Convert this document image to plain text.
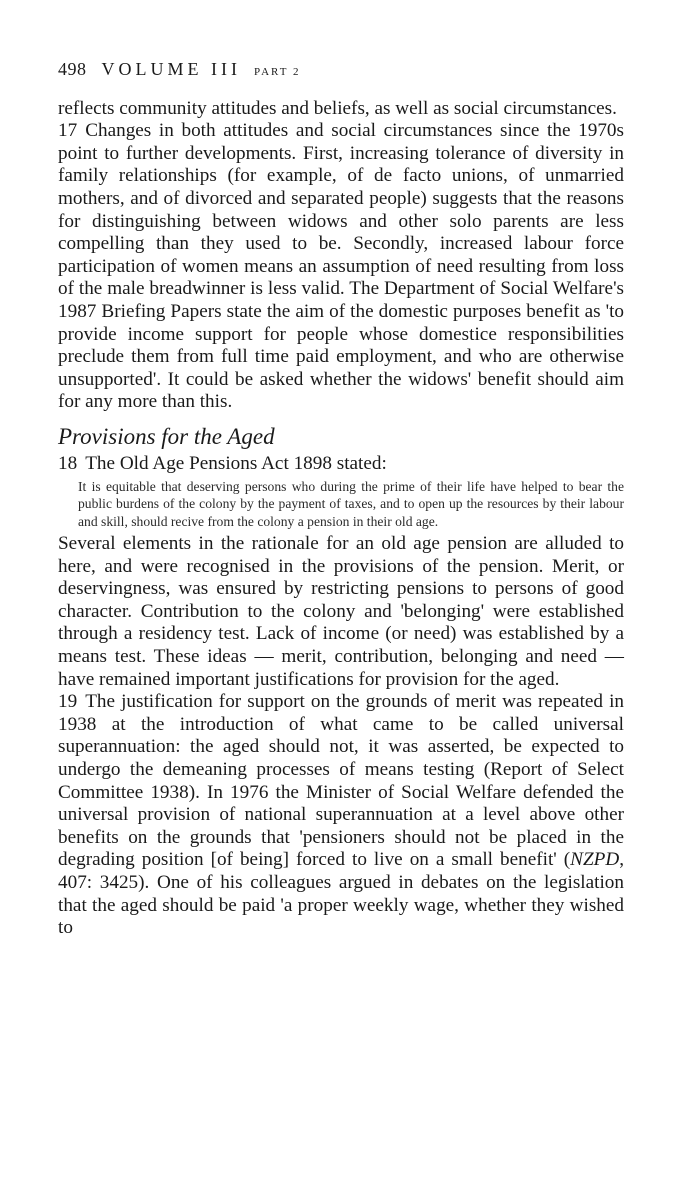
498 VOLUME III PART 2

reflects community attitudes and beliefs, as well as social circumstances.

17 Changes in both attitudes and social circumstances since the 1970s point to further developments. First, increasing tolerance of diversity in family relationships (for example, of de facto unions, of unmarried mothers, and of divorced and separated people) suggests that the reasons for distinguishing between widows and other solo parents are less compelling than they used to be. Secondly, increased labour force participation of women means an assumption of need resulting from loss of the male breadwinner is less valid. The Department of Social Welfare's 1987 Briefing Papers state the aim of the domestic purposes benefit as 'to provide income support for people whose domestice responsibilities preclude them from full time paid employment, and who are otherwise unsupported'. It could be asked whether the widows' benefit should aim for any more than this.

Provisions for the Aged

18 The Old Age Pensions Act 1898 stated:

It is equitable that deserving persons who during the prime of their life have helped to bear the public burdens of the colony by the payment of taxes, and to open up the resources by their labour and skill, should recive from the colony a pension in their old age.

Several elements in the rationale for an old age pension are alluded to here, and were recognised in the provisions of the pension. Merit, or deservingness, was ensured by restricting pensions to persons of good character. Contribution to the colony and 'belonging' were established through a residency test. Lack of income (or need) was established by a means test. These ideas — merit, contribution, belonging and need — have remained important justifications for provision for the aged.

19 The justification for support on the grounds of merit was repeated in 1938 at the introduction of what came to be called universal superannuation: the aged should not, it was asserted, be expected to undergo the demeaning processes of means testing (Report of Select Committee 1938). In 1976 the Minister of Social Welfare defended the universal provision of national superannuation at a level above other benefits on the grounds that 'pensioners should not be placed in the degrading position [of being] forced to live on a small benefit' (NZPD, 407: 3425). One of his colleagues argued in debates on the legislation that the aged should be paid 'a proper weekly wage, whether they wished to
